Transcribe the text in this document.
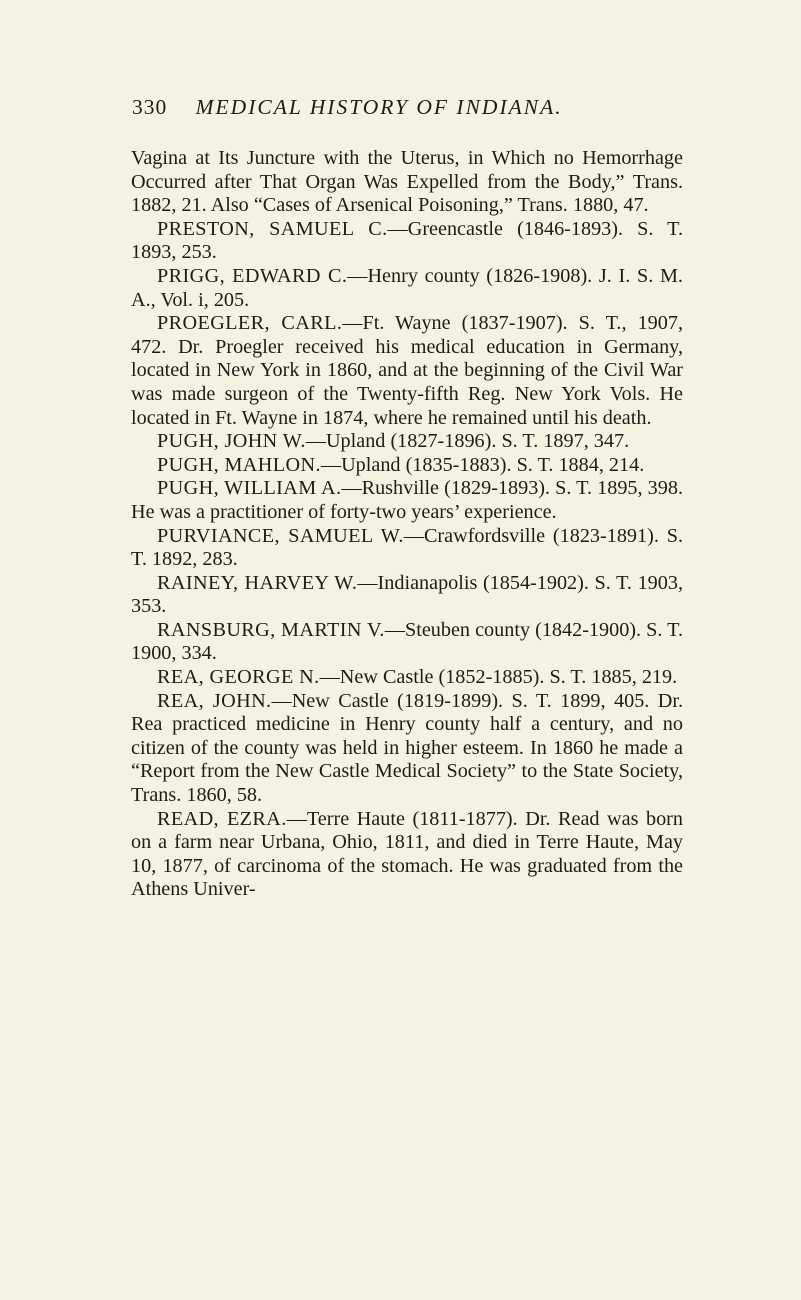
330 MEDICAL HISTORY OF INDIANA.

Vagina at Its Juncture with the Uterus, in Which no Hemorrhage Occurred after That Organ Was Expelled from the Body,” Trans. 1882, 21. Also “Cases of Arsenical Poisoning,” Trans. 1880, 47.

PRESTON, SAMUEL C.—Greencastle (1846-1893). S. T. 1893, 253.

PRIGG, EDWARD C.—Henry county (1826-1908). J. I. S. M. A., Vol. i, 205.

PROEGLER, CARL.—Ft. Wayne (1837-1907). S. T., 1907, 472. Dr. Proegler received his medical education in Germany, located in New York in 1860, and at the beginning of the Civil War was made surgeon of the Twenty-fifth Reg. New York Vols. He located in Ft. Wayne in 1874, where he remained until his death.

PUGH, JOHN W.—Upland (1827-1896). S. T. 1897, 347.

PUGH, MAHLON.—Upland (1835-1883). S. T. 1884, 214.

PUGH, WILLIAM A.—Rushville (1829-1893). S. T. 1895, 398. He was a practitioner of forty-two years’ experience.

PURVIANCE, SAMUEL W.—Crawfordsville (1823-1891). S. T. 1892, 283.

RAINEY, HARVEY W.—Indianapolis (1854-1902). S. T. 1903, 353.

RANSBURG, MARTIN V.—Steuben county (1842-1900). S. T. 1900, 334.

REA, GEORGE N.—New Castle (1852-1885). S. T. 1885, 219.

REA, JOHN.—New Castle (1819-1899). S. T. 1899, 405. Dr. Rea practiced medicine in Henry county half a century, and no citizen of the county was held in higher esteem. In 1860 he made a “Report from the New Castle Medical Society” to the State Society, Trans. 1860, 58.

READ, EZRA.—Terre Haute (1811-1877). Dr. Read was born on a farm near Urbana, Ohio, 1811, and died in Terre Haute, May 10, 1877, of carcinoma of the stomach. He was graduated from the Athens Univer-
